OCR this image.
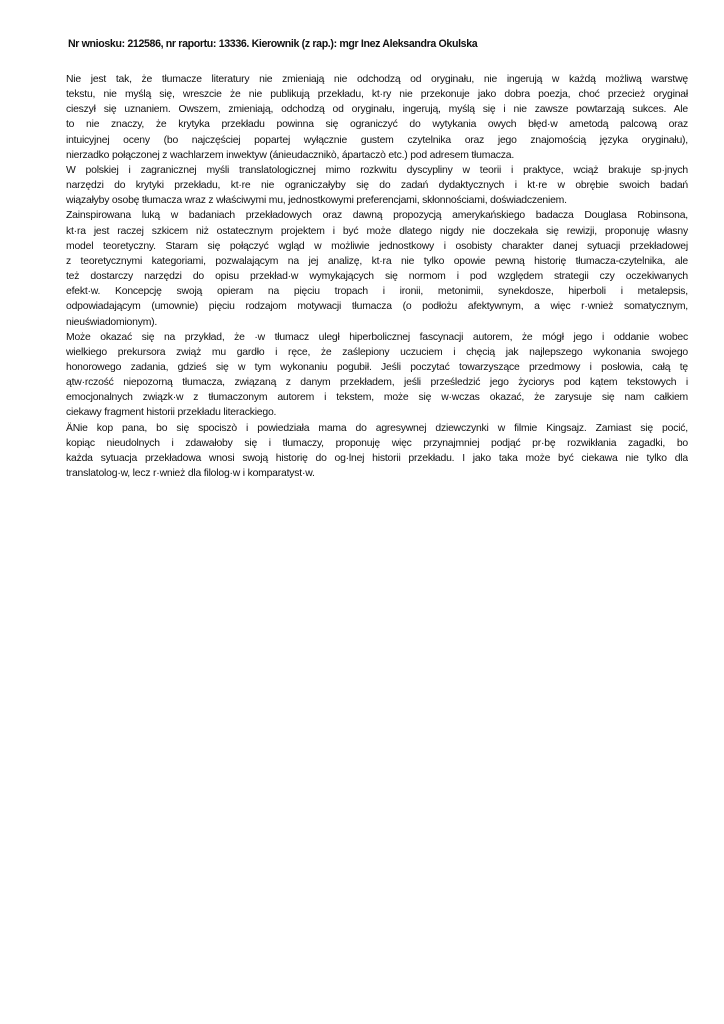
Nr wniosku: 212586, nr raportu: 13336. Kierownik (z rap.): mgr Inez Aleksandra Okulska
Nie jest tak, że tłumacze literatury nie zmieniają nie odchodzą od oryginału, nie ingerują w każdą możliwą warstwę
tekstu, nie myślą się, wreszcie że nie publikują przekładu, kt·ry nie przekonuje jako dobra poezja, choć przecież oryginał
cieszył się uznaniem. Owszem, zmieniają, odchodzą od oryginału, ingerują, myślą się i nie zawsze powtarzają sukces. Ale
to nie znaczy, że krytyka przekładu powinna się ograniczyć do wytykania owych błęd·w ametodą palcową oraz
intuicyjnej oceny (bo najczęściej popartej wyłącznie gustem czytelnika oraz jego znajomością języka oryginału),
nierzadko połączonej z wachlarzem inwektyw (ánieudacznikò, ápartaczò etc.) pod adresem tłumacza.
W polskiej i zagranicznej myśli translatologicznej mimo rozkwitu dyscypliny w teorii i praktyce, wciąż brakuje sp·jnych
narzędzi do krytyki przekładu, kt·re nie ograniczałyby się do zadań dydaktycznych i kt·re w obrębie swoich badań
wiązałyby osobę tłumacza wraz z właściwymi mu, jednostkowymi preferencjami, skłonnościami, doświadczeniem.
Zainspirowana luką w badaniach przekładowych oraz dawną propozycją amerykańskiego badacza Douglasa Robinsona,
kt·ra jest raczej szkicem niż ostatecznym projektem i być może dlatego nigdy nie doczekała się rewizji, proponuję własny
model teoretyczny. Staram się połączyć wgląd w możliwie jednostkowy i osobisty charakter danej sytuacji przekładowej
z teoretycznymi kategoriami, pozwalającym na jej analizę, kt·ra nie tylko opowie pewną historię tłumacza-czytelnika, ale
też dostarczy narzędzi do opisu przekład·w wymykających się normom i pod względem strategii czy oczekiwanych
efekt·w. Koncepcję swoją opieram na pięciu tropach i ironii, metonimii, synekdosze, hiperboli i metalepsis,
odpowiadającym (umownie) pięciu rodzajom motywacji tłumacza (o podłożu afektywnym, a więc r·wnież somatycznym,
nieuświadomionym).
Może okazać się na przykład, że ·w tłumacz uległ hiperbolicznej fascynacji autorem, że mógł jego i oddanie wobec
wielkiego prekursora zwiąż mu gardło i ręce, że zaślepiony uczuciem i chęcią jak najlepszego wykonania swojego
honorowego zadania, gdzieś się w tym wykonaniu pogubił. Jeśli poczytać towarzyszące przedmowy i posłowia, całą tę
ątw·rczość niepozorną tłumacza, związaną z danym przekładem, jeśli prześledzić jego życiorys pod kątem tekstowych i
emocjonalnych związk·w z tłumaczonym autorem i tekstem, może się w·wczas okazać, że zarysuje się nam całkiem
ciekawy fragment historii przekładu literackiego.
ÄNie kop pana, bo się spociszò i powiedziała mama do agresywnej dziewczynki w filmie Kingsajz. Zamiast się pocić,
kopiąc nieudolnych i zdawałoby się i tłumaczy, proponuję więc przynajmniej podjąć pr·bę rozwikłania zagadki, bo
każda sytuacja przekładowa wnosi swoją historię do og·lnej historii przekładu. I jako taka może być ciekawa nie tylko dla
translatolog·w, lecz r·wnież dla filolog·w i komparatyst·w.
